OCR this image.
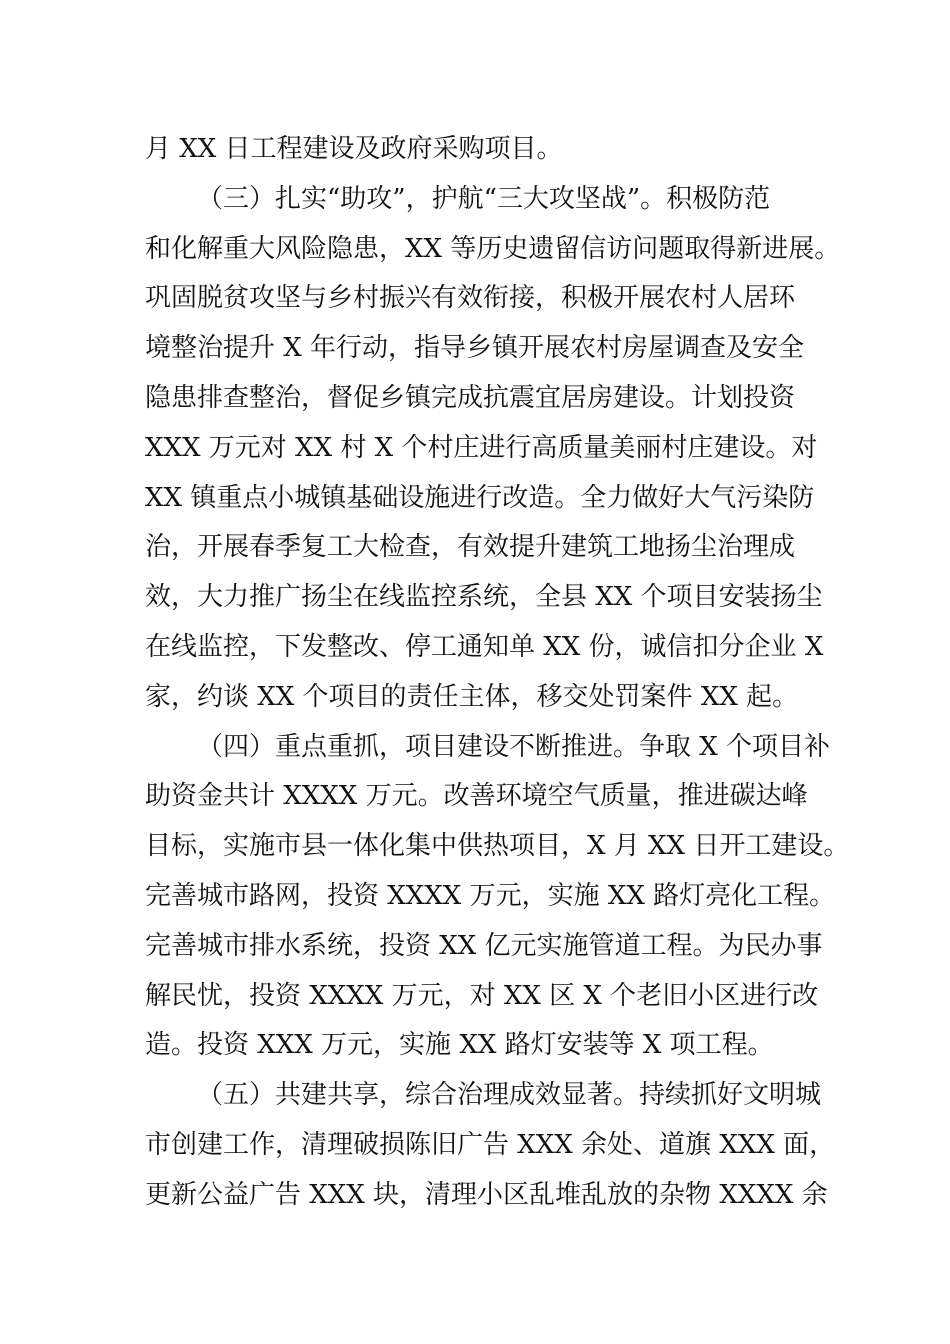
月 XX 日工程建设及政府采购项目。
（三）扎实“助攻”，护航“三大攻坚战”。积极防范
和化解重大风险隐患，XX 等历史遗留信访问题取得新进展。
巩固脱贫攻坚与乡村振兴有效衔接，积极开展农村人居环
境整治提升 X 年行动，指导乡镇开展农村房屋调查及安全
隐患排查整治，督促乡镇完成抗震宜居房建设。计划投资
XXX 万元对 XX 村 X 个村庄进行高质量美丽村庄建设。对
XX 镇重点小城镇基础设施进行改造。全力做好大气污染防
治，开展春季复工大检查，有效提升建筑工地扬尘治理成
效，大力推广扬尘在线监控系统，全县 XX 个项目安装扬尘
在线监控，下发整改、停工通知单 XX 份，诚信扣分企业 X
家，约谈 XX 个项目的责任主体，移交处罚案件 XX 起。
（四）重点重抓，项目建设不断推进。争取 X 个项目补
助资金共计 XXXX 万元。改善环境空气质量，推进碳达峰
目标，实施市县一体化集中供热项目，X 月 XX 日开工建设。
完善城市路网，投资 XXXX 万元，实施 XX 路灯亮化工程。
完善城市排水系统，投资 XX 亿元实施管道工程。为民办事
解民忧，投资 XXXX 万元，对 XX 区 X 个老旧小区进行改
造。投资 XXX 万元，实施 XX 路灯安装等 X 项工程。
（五）共建共享，综合治理成效显著。持续抓好文明城
市创建工作，清理破损陈旧广告 XXX 余处、道旗 XXX 面，
更新公益广告 XXX 块，清理小区乱堆乱放的杂物 XXXX 余
